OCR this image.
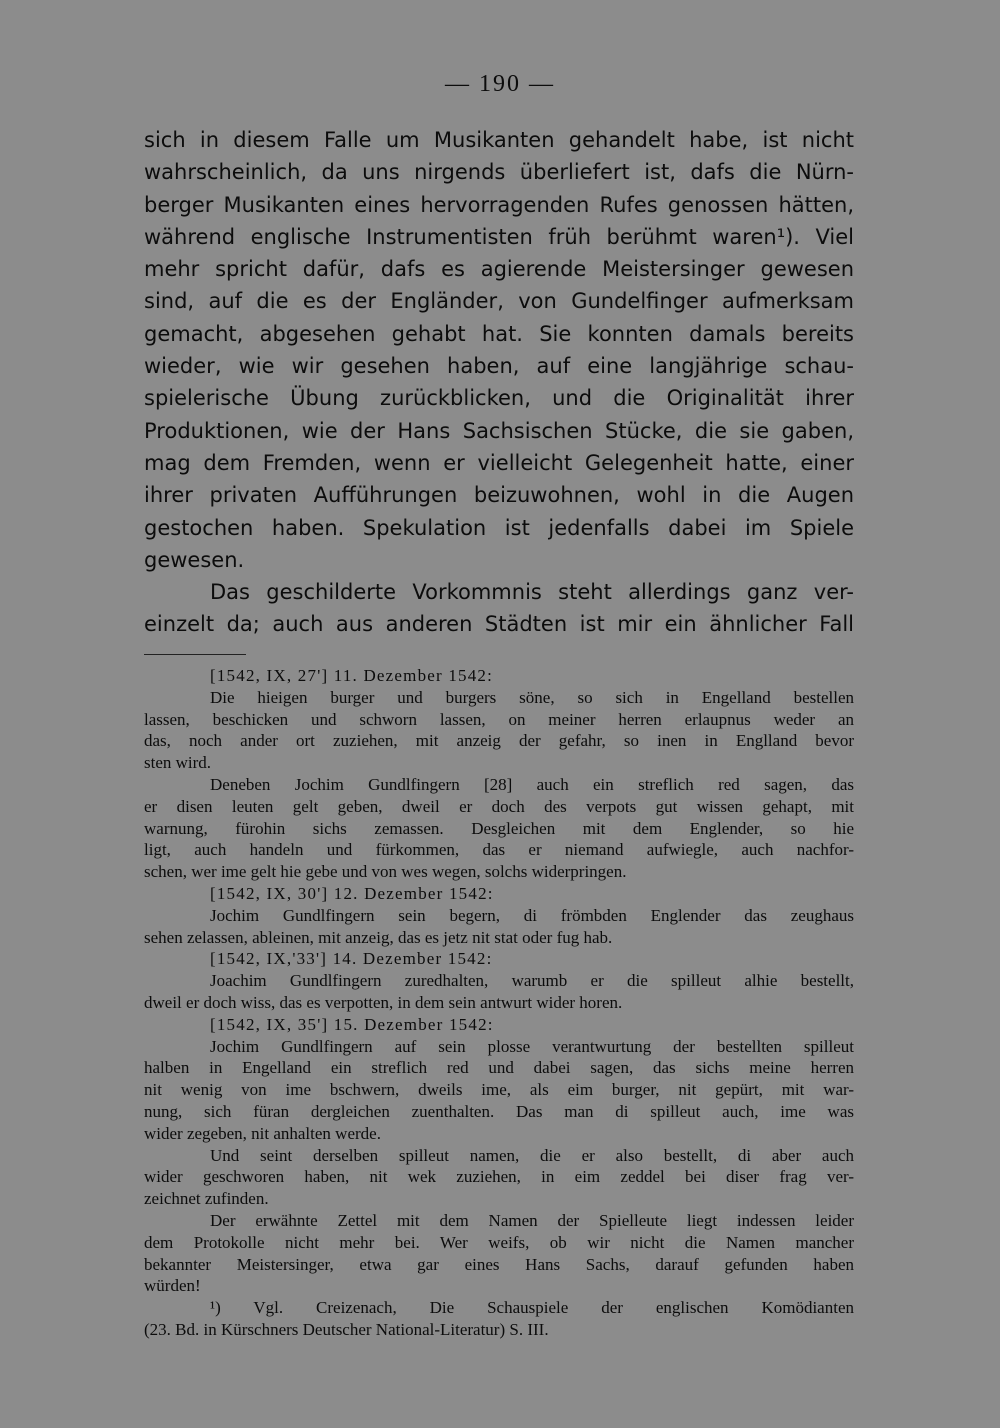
— 190 —
sich in diesem Falle um Musikanten gehandelt habe, ist nicht
wahrscheinlich, da uns nirgends überliefert ist, dafs die Nürn-
berger Musikanten eines hervorragenden Rufes genossen hätten,
während englische Instrumentisten früh berühmt waren¹). Viel
mehr spricht dafür, dafs es agierende Meistersinger gewesen
sind, auf die es der Engländer, von Gundelfinger aufmerksam
gemacht, abgesehen gehabt hat. Sie konnten damals bereits
wieder, wie wir gesehen haben, auf eine langjährige schau-
spielerische Übung zurückblicken, und die Originalität ihrer
Produktionen, wie der Hans Sachsischen Stücke, die sie gaben,
mag dem Fremden, wenn er vielleicht Gelegenheit hatte, einer
ihrer privaten Aufführungen beizuwohnen, wohl in die Augen
gestochen haben. Spekulation ist jedenfalls dabei im Spiele
gewesen.
Das geschilderte Vorkommnis steht allerdings ganz ver-
einzelt da; auch aus anderen Städten ist mir ein ähnlicher Fall
[1542, IX, 27'] 11. Dezember 1542:
Die hieigen burger und burgers söne, so sich in Engelland bestellen
lassen, beschicken und schworn lassen, on meiner herren erlaupnus weder an
das, noch ander ort zuziehen, mit anzeig der gefahr, so inen in Englland bevor
sten wird.
Deneben Jochim Gundlfingern [28] auch ein streflich red sagen, das
er disen leuten gelt geben, dweil er doch des verpots gut wissen gehapt, mit
warnung, fürohin sichs zemassen. Desgleichen mit dem Englender, so hie
ligt, auch handeln und fürkommen, das er niemand aufwiegle, auch nachfor-
schen, wer ime gelt hie gebe und von wes wegen, solchs widerpringen.
[1542, IX, 30'] 12. Dezember 1542:
Jochim Gundlfingern sein begern, di frömbden Englender das zeughaus
sehen zelassen, ableinen, mit anzeig, das es jetz nit stat oder fug hab.
[1542, IX,'33'] 14. Dezember 1542:
Joachim Gundlfingern zuredhalten, warumb er die spilleut alhie bestellt,
dweil er doch wiss, das es verpotten, in dem sein antwurt wider horen.
[1542, IX, 35'] 15. Dezember 1542:
Jochim Gundlfingern auf sein plosse verantwurtung der bestellten spilleut
halben in Engelland ein streflich red und dabei sagen, das sichs meine herren
nit wenig von ime bschwern, dweils ime, als eim burger, nit gepürt, mit war-
nung, sich füran dergleichen zuenthalten. Das man di spilleut auch, ime was
wider zegeben, nit anhalten werde.
Und seint derselben spilleut namen, die er also bestellt, di aber auch
wider geschworen haben, nit wek zuziehen, in eim zeddel bei diser frag ver-
zeichnet zufinden.
Der erwähnte Zettel mit dem Namen der Spielleute liegt indessen leider
dem Protokolle nicht mehr bei. Wer weifs, ob wir nicht die Namen mancher
bekannter Meistersinger, etwa gar eines Hans Sachs, darauf gefunden haben
würden!
¹) Vgl. Creizenach, Die Schauspiele der englischen Komödianten
(23. Bd. in Kürschners Deutscher National-Literatur) S. III.
